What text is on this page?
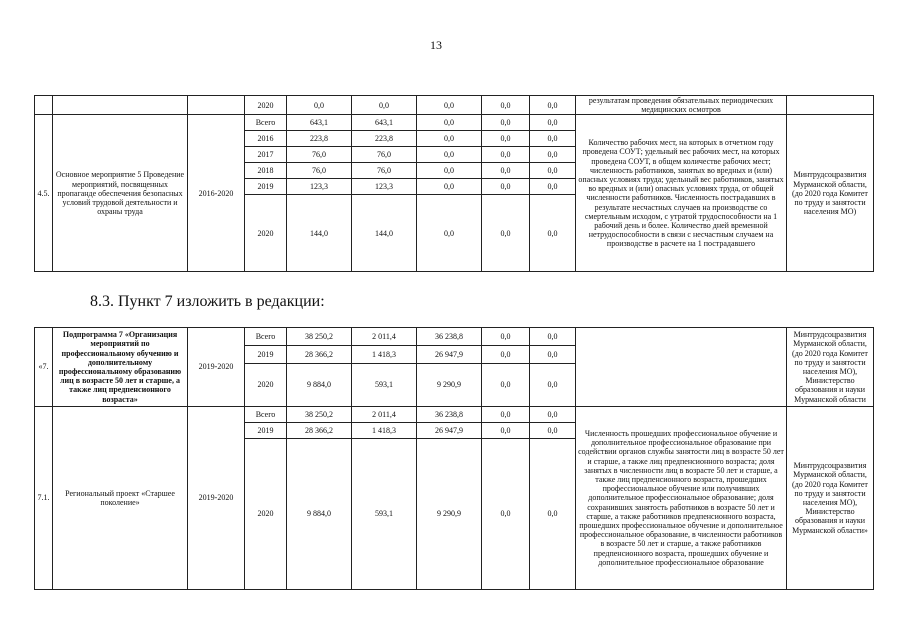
13
			2020	0,0	0,0	0,0	0,0	0,0	результатам проведения обязательных периодических медицинских осмотров	
4.5.	Основное мероприятие 5 Проведение мероприятий, посвященных пропаганде обеспечения безопасных условий трудовой деятельности и охраны труда	2016-2020	Всего	643,1	643,1	0,0	0,0	0,0	Количество рабочих мест, на которых в отчетном году проведена СОУТ; удельный вес рабочих мест, на которых проведена СОУТ, в общем количестве рабочих мест; численность работников, занятых во вредных и (или) опасных условиях труда; удельный вес работников, занятых во вредных и (или) опасных условиях труда, от общей численности работников. Численность пострадавших в результате несчастных случаев на производстве со смертельным исходом, с утратой трудоспособности на 1 рабочий день и более. Количество дней временной нетрудоспособности в связи с несчастным случаем на производстве в расчете на 1 пострадавшего	Минтрудсоцразвития Мурманской области, (до 2020 года Комитет по труду и занятости населения МО)
			2016	223,8	223,8	0,0	0,0	0,0		
			2017	76,0	76,0	0,0	0,0	0,0		
			2018	76,0	76,0	0,0	0,0	0,0		
			2019	123,3	123,3	0,0	0,0	0,0		
			2020	144,0	144,0	0,0	0,0	0,0		
8.3. Пункт 7 изложить в редакции:
«7.	Подпрограмма 7 «Организация мероприятий по профессиональному обучению и дополнительному профессиональному образованию лиц в возрасте 50 лет и старше, а также лиц предпенсионного возраста»	2019-2020	Всего	38 250,2	2 011,4	36 238,8	0,0	0,0		Минтрудсоцразвития Мурманской области, (до 2020 года Комитет по труду и занятости населения МО), Министерство образования и науки Мурманской области
			2019	28 366,2	1 418,3	26 947,9	0,0	0,0		
			2020	9 884,0	593,1	9 290,9	0,0	0,0		
7.1.	Региональный проект «Старшее поколение»	2019-2020	Всего	38 250,2	2 011,4	36 238,8	0,0	0,0	Численность прошедших профессиональное обучение и дополнительное профессиональное образование при содействии органов службы занятости лиц в возрасте 50 лет и старше, а также лиц предпенсионного возраста; доля занятых в численности лиц в возрасте 50 лет и старше, а также лиц предпенсионного возраста, прошедших профессиональное обучение или получивших дополнительное профессиональное образование; доля сохранивших занятость работников в возрасте 50 лет и старше, а также работников предпенсионного возраста, прошедших профессиональное обучение и дополнительное профессиональное образование, в численности работников в возрасте 50 лет и старше, а также работников предпенсионного возраста, прошедших обучение и дополнительное профессиональное образование	Минтрудсоцразвития Мурманской области, (до 2020 года Комитет по труду и занятости населения МО), Министерство образования и науки Мурманской области»
			2019	28 366,2	1 418,3	26 947,9	0,0	0,0		
			2020	9 884,0	593,1	9 290,9	0,0	0,0		
